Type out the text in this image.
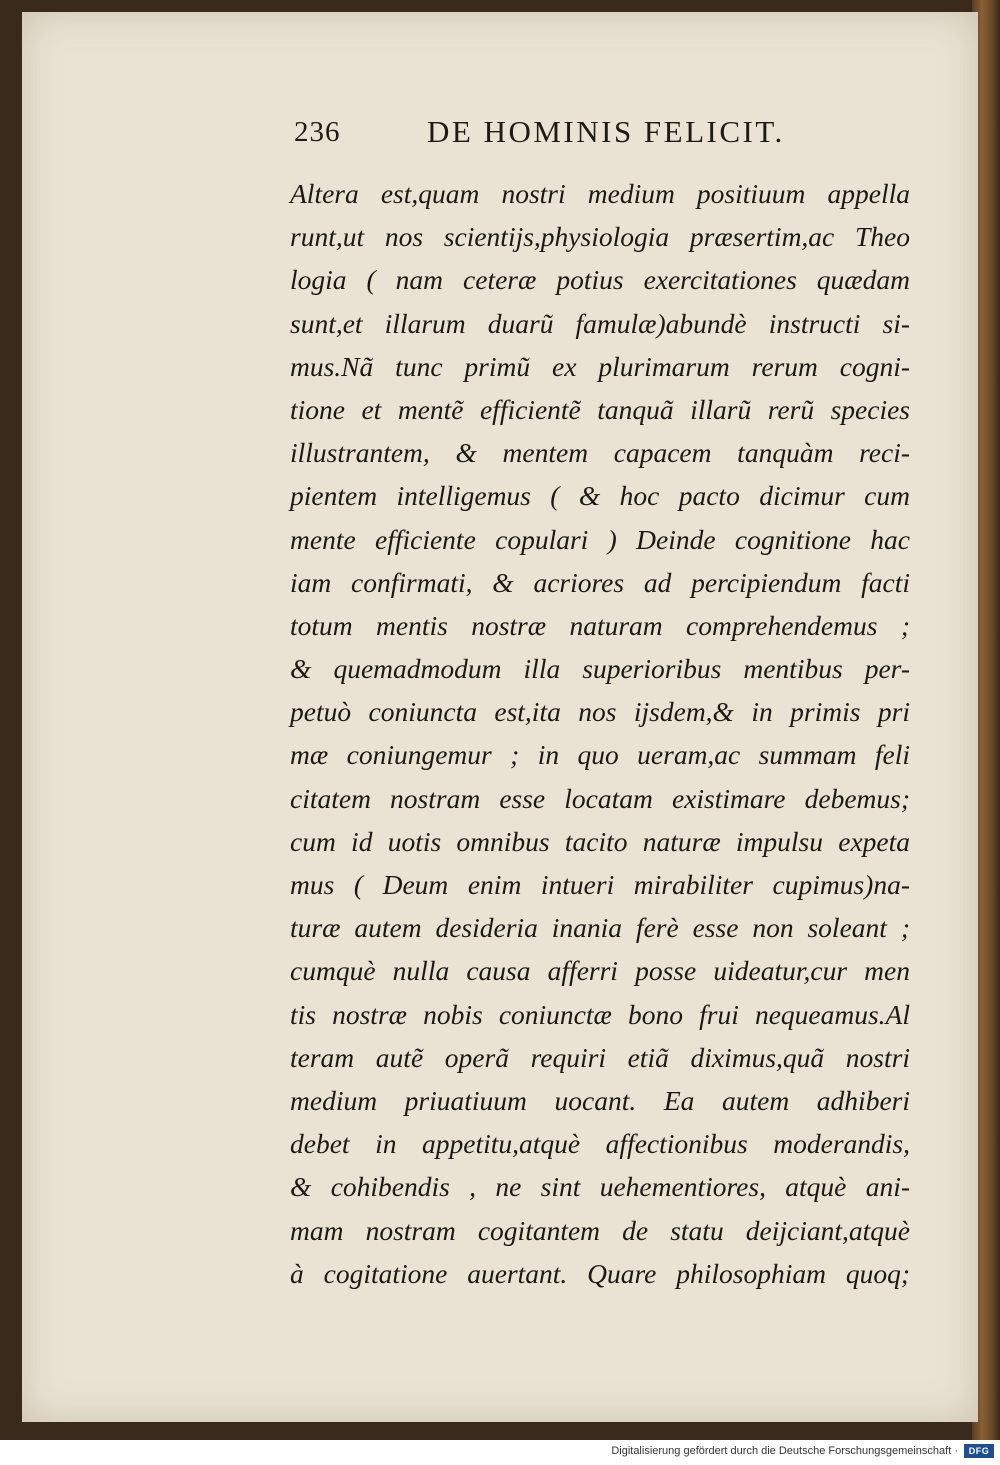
236	DE HOMINIS FELICIT.
Altera est,quam nostri medium positiuum appella
runt,ut nos scientijs,physiologia præsertim,ac Theo
logia ( nam ceteræ potius exercitationes quædam
sunt,et illarum duarũ famulæ)abundè instructi si-
mus.Nã tunc primũ ex plurimarum rerum cogni-
tione et mentẽ efficientẽ tanquã illarũ rerũ species
illustrantem, & mentem capacem tanquàm reci-
pientem intelligemus ( & hoc pacto dicimur cum
mente efficiente copulari ) Deinde cognitione hac
iam confirmati, & acriores ad percipiendum facti
totum mentis nostræ naturam comprehendemus ;
& quemadmodum illa superioribus mentibus per-
petuò coniuncta est,ita nos ijsdem,& in primis pri
mæ coniungemur ; in quo ueram,ac summam feli
citatem nostram esse locatam existimare debemus;
cum id uotis omnibus tacito naturæ impulsu expeta
mus ( Deum enim intueri mirabiliter cupimus)na-
turæ autem desideria inania ferè esse non soleant ;
cumquè nulla causa afferri posse uideatur,cur men
tis nostræ nobis coniunctæ bono frui nequeamus.Al
teram autẽ operã requiri etiã diximus,quã nostri
medium priuatiuum uocant. Ea autem adhiberi
debet in appetitu,atquè affectionibus moderandis,
& cohibendis , ne sint uehementiores, atquè ani-
mam nostram cogitantem de statu deijciant,atquè
à cogitatione auertant. Quare philosophiam quoq;
Digitalisierung gefördert durch die Deutsche Forschungsgemeinschaft ·	DFG
